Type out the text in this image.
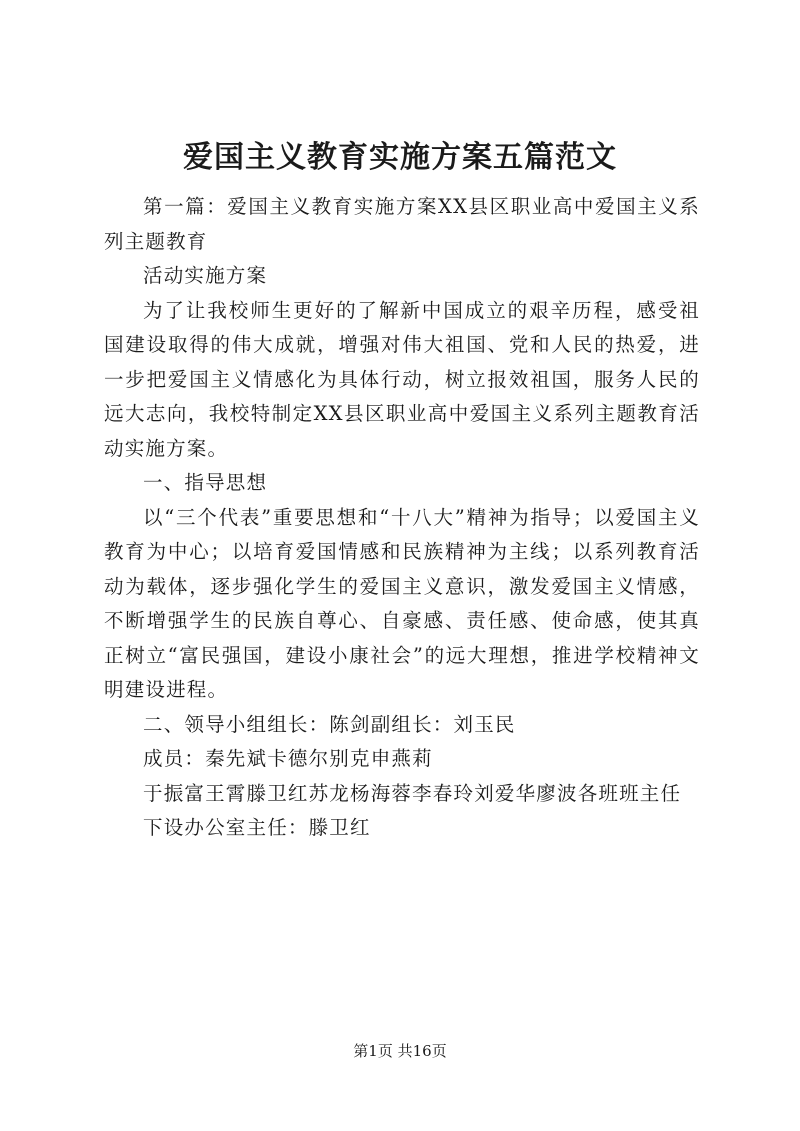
爱国主义教育实施方案五篇范文

第一篇：爱国主义教育实施方案XX县区职业高中爱国主义系列主题教育

活动实施方案

为了让我校师生更好的了解新中国成立的艰辛历程，感受祖国建设取得的伟大成就，增强对伟大祖国、党和人民的热爱，进一步把爱国主义情感化为具体行动，树立报效祖国，服务人民的远大志向，我校特制定XX县区职业高中爱国主义系列主题教育活动实施方案。

一、指导思想

以“三个代表”重要思想和“十八大”精神为指导；以爱国主义教育为中心；以培育爱国情感和民族精神为主线；以系列教育活动为载体，逐步强化学生的爱国主义意识，激发爱国主义情感，不断增强学生的民族自尊心、自豪感、责任感、使命感，使其真正树立“富民强国，建设小康社会”的远大理想，推进学校精神文明建设进程。

二、领导小组组长：陈剑副组长：刘玉民

成员：秦先斌卡德尔别克申燕莉

于振富王霄滕卫红苏龙杨海蓉李春玲刘爱华廖波各班班主任

下设办公室主任：滕卫红

第1页 共16页
